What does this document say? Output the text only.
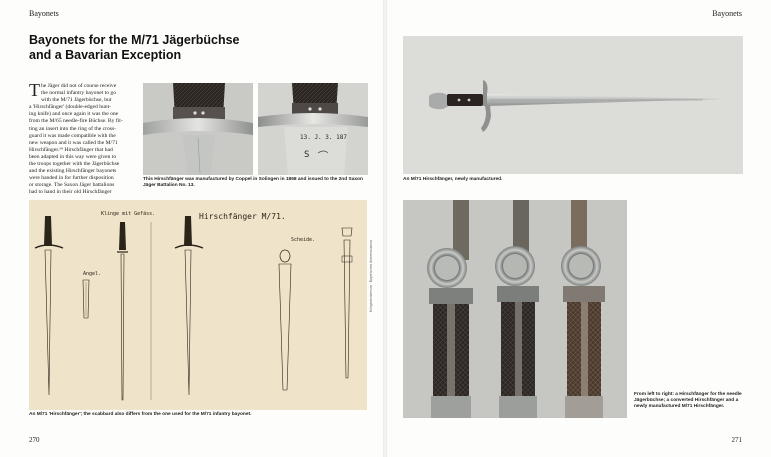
Bayonets	Bayonets
Bayonets for the M/71 Jägerbüchse
and a Bavarian Exception
T he Jäger did not of course receive
the normal infantry bayonet to go
with the M/71 Jägerbüchse, but
a 'Hirschfänger' (double-edged hunt-
ing knife) and once again it was the one
from the M/65 needle-fire Büchse. By fit-
ting an insert into the ring of the cross-
guard it was made compatible with the
new weapon and it was called the M/71
Hirschfänger.¹⁹ Hirschfänger that had
been adapted in this way were given to
the troops together with the Jägerbüchse
and the existing Hirschfänger bayonets
were handed in for further disposition
or storage. The Saxon Jäger battalions
had to hand in their old Hirschfänger
13. J. 3. 187
S
This Hirschfänger was manufactured by Coppel in Solingen in 1868 and issued to the 2nd Saxon Jäger Battalion No. 13.
Hirschfänger M/71.
Klinge mit Gefäss.
Scheide.
Angel.	Kriegsministerium · Bayerisches Armeemuseum
An M/71 'Hirschfänger'; the scabbard also differs from the one used for the M/71 infantry bayonet.
270
An M/71 Hirschfänger, newly manufactured.
From left to right: a Hirschfänger for the needle Jägerbüchse; a converted Hirschfänger and a newly manufactured M/71 Hirschfänger.
271
